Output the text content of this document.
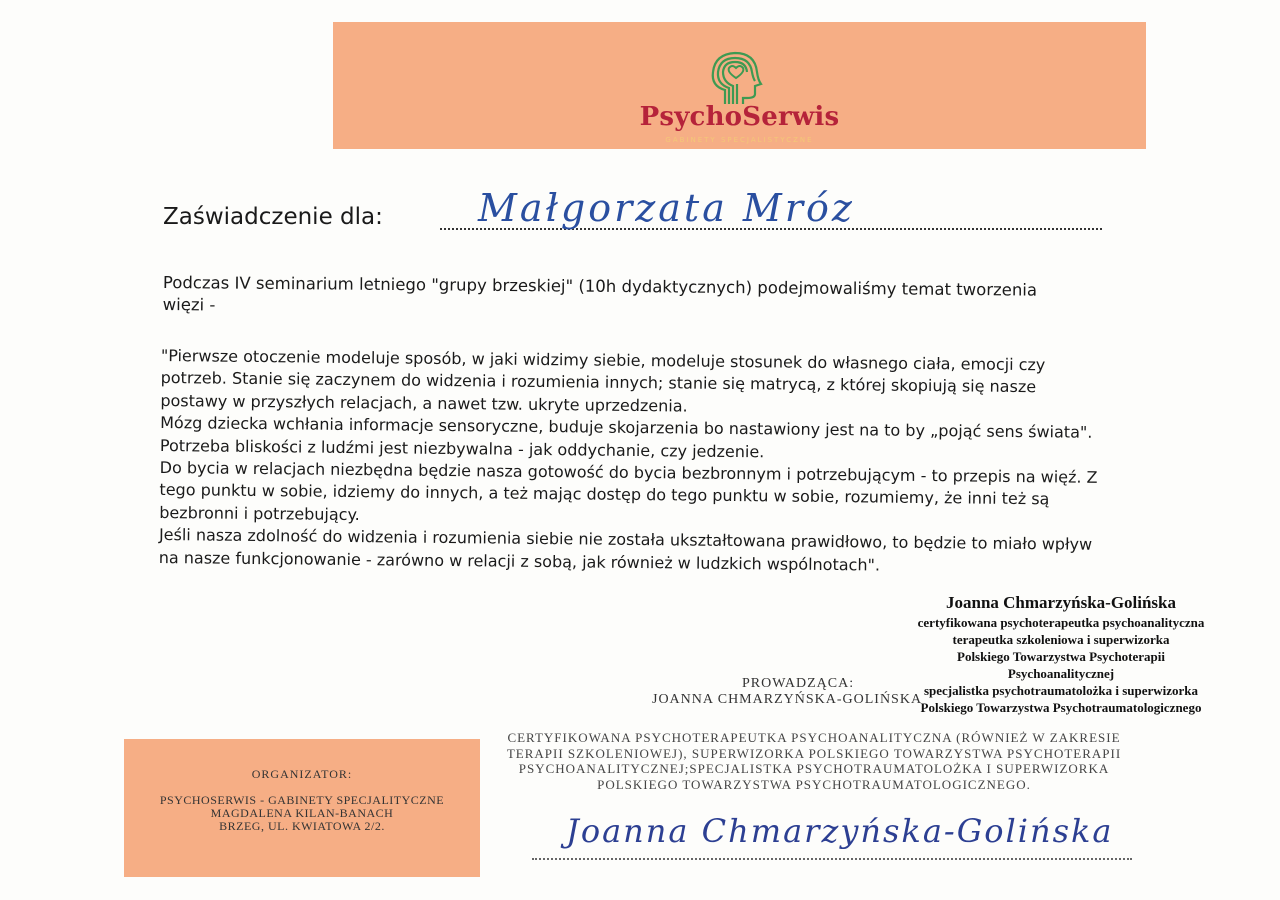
PsychoSerwis
GABINETY SPECJALISTYCZNE
Zaświadczenie dla:	Małgorzata Mróz
Podczas IV seminarium letniego "grupy brzeskiej" (10h dydaktycznych) podejmowaliśmy temat tworzenia więzi -

"Pierwsze otoczenie modeluje sposób, w jaki widzimy siebie, modeluje stosunek do własnego ciała, emocji czy potrzeb. Stanie się zaczynem do widzenia i rozumienia innych; stanie się matrycą, z której skopiują się nasze postawy w przyszłych relacjach, a nawet tzw. ukryte uprzedzenia.

Mózg dziecka wchłania informacje sensoryczne, buduje skojarzenia bo nastawiony jest na to by „pojąć sens świata".

Potrzeba bliskości z ludźmi jest niezbywalna - jak oddychanie, czy jedzenie.

Do bycia w relacjach niezbędna będzie nasza gotowość do bycia bezbronnym i potrzebującym - to przepis na więź. Z tego punktu w sobie, idziemy do innych, a też mając dostęp do tego punktu w sobie, rozumiemy, że inni też są bezbronni i potrzebujący.

Jeśli nasza zdolność do widzenia i rozumienia siebie nie została ukształtowana prawidłowo, to będzie to miało wpływ na nasze funkcjonowanie - zarówno w relacji z sobą, jak również w ludzkich wspólnotach".

PROWADZĄCA:
JOANNA CHMARZYŃSKA-GOLIŃSKA
Joanna Chmarzyńska-Golińska
certyfikowana psychoterapeutka psychoanalityczna
terapeutka szkoleniowa i superwizorka
Polskiego Towarzystwa Psychoterapii
Psychoanalitycznej
specjalistka psychotraumatolożka i superwizorka
Polskiego Towarzystwa Psychotraumatologicznego
CERTYFIKOWANA PSYCHOTERAPEUTKA PSYCHOANALITYCZNA (RÓWNIEŻ W ZAKRESIE TERAPII SZKOLENIOWEJ), SUPERWIZORKA POLSKIEGO TOWARZYSTWA PSYCHOTERAPII PSYCHOANALITYCZNEJ;SPECJALISTKA PSYCHOTRAUMATOLOŻKA I SUPERWIZORKA POLSKIEGO TOWARZYSTWA PSYCHOTRAUMATOLOGICZNEGO.
Joanna Chmarzyńska-Golińska
ORGANIZATOR:
PSYCHOSERWIS - GABINETY SPECJALITYCZNE
MAGDALENA KILAN-BANACH
BRZEG, UL. KWIATOWA 2/2.
